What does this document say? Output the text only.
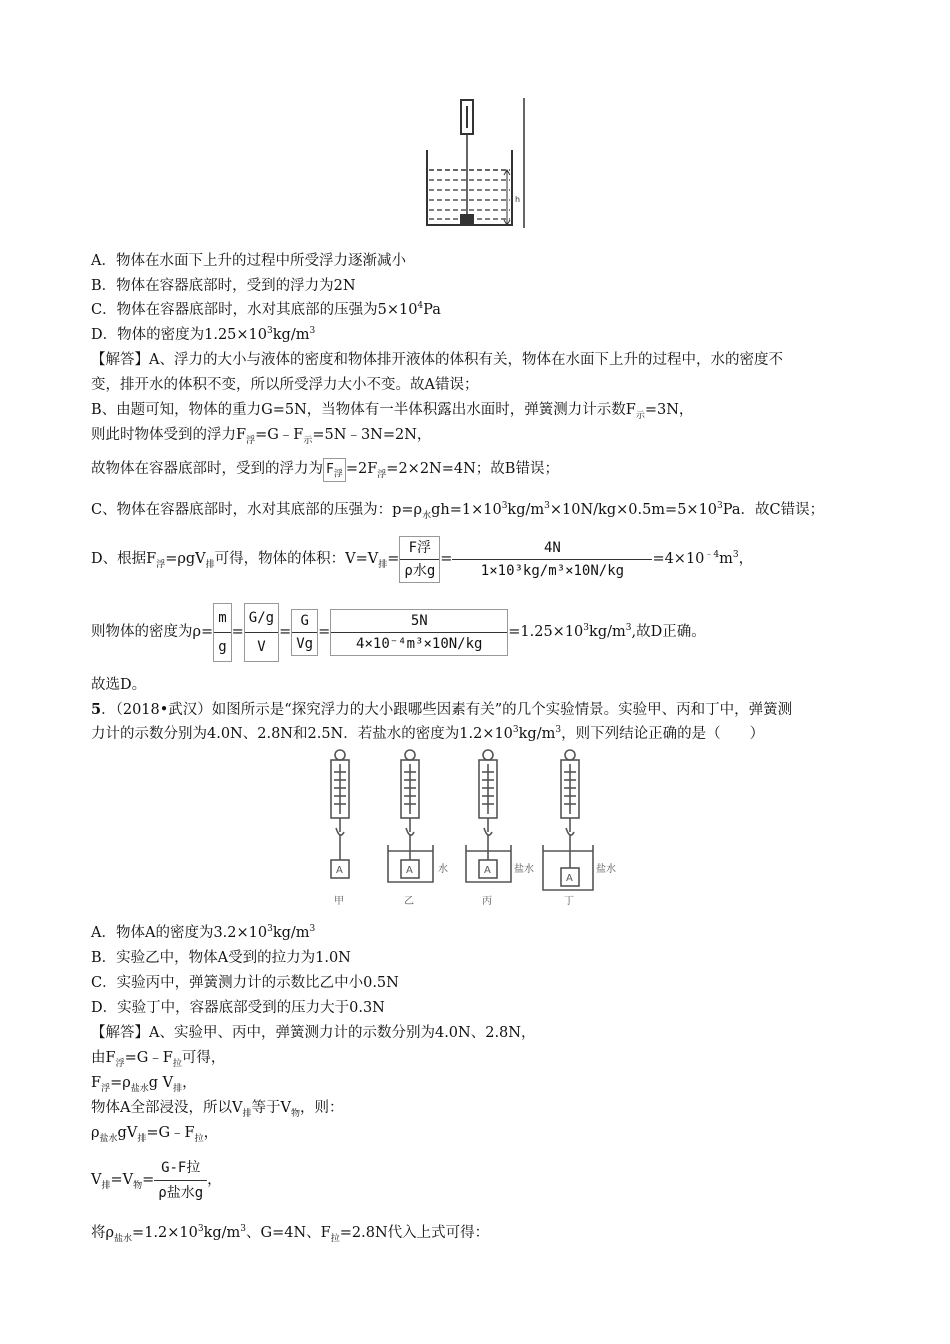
h
A．物体在水面下上升的过程中所受浮力逐渐减小
B．物体在容器底部时，受到的浮力为2N
C．物体在容器底部时，水对其底部的压强为$5\times 10^4Pa$
D．物体的密度为$1.25\times 10^3kg/m^3$
【解答】A、浮力的大小与液体的密度和物体排开液体的体积有关，物体在水面下上升的过程中，水的密度不
变，排开水的体积不变，所以所受浮力大小不变。故A错误；
B、由题可知，物体的重力G=5N，当物体有一半体积露出水面时，弹簧测力计示数$F_示=3N$，
则此时物体受到的浮力$F_浮=G﹣F_示=5N﹣3N=2N$，
故物体在容器底部时，受到的浮力为 $F_浮 =2F_浮=2\times 2N=4N$；故B错误；
C、物体在容器底部时，水对其底部的压强为：$p=\rho_水gh=1\times 10^3kg/m^3\times 10N/kg\times 0.5m=5\times 10^3Pa$．故C错误；
D、根据$F_浮=\rho gV_排$可得，物体的体积：$V=V_排= \frac{\text{F浮}}{\text{ρ水g}} = \frac{4N}{\text{1×10³kg/m³×10N/kg}} =4\times 10^{﹣4}m^3$，
则物体的密度为$\rho= \frac{m}{g} = \frac{G/g}{V} = \frac{G}{Vg} = \frac{5N}{\text{4×10⁻⁴m³×10N/kg}} =1.25\times 10^3kg/m^3$,故D正确。
故选D。
5．（2018•武汉）如图所示是“探究浮力的大小跟哪些因素有关”的几个实验情景。实验甲、丙和丁中，弹簧测
力计的示数分别为4.0N、2.8N和2.5N．若盐水的密度为$1.2\times 10^3kg/m^3$，则下列结论正确的是（　　）
A	A	A
A
水	盐水	盐水
甲	乙	丙	丁
A．物体A的密度为$3.2\times 10^3kg/m^3$
B．实验乙中，物体A受到的拉力为1.0N
C．实验丙中，弹簧测力计的示数比乙中小0.5N
D．实验丁中，容器底部受到的压力大于0.3N
【解答】A、实验甲、丙中，弹簧测力计的示数分别为4.0N、2.8N，
由$F_浮=G﹣F_拉$可得，
$F_浮=\rho_{盐水}g$ $V_排$，
物体A全部浸没，所以$V_排$等于$V_物$，则：
$\rho_{盐水}gV_排=G﹣F_拉$，
$V_排=V_物= \frac{\text{G-F拉}}{\text{ρ盐水g}}$ ，
将$\rho_{盐水}=1.2\times 10^3kg/m^3$、G=4N、$F_拉=2.8N$代入上式可得：
